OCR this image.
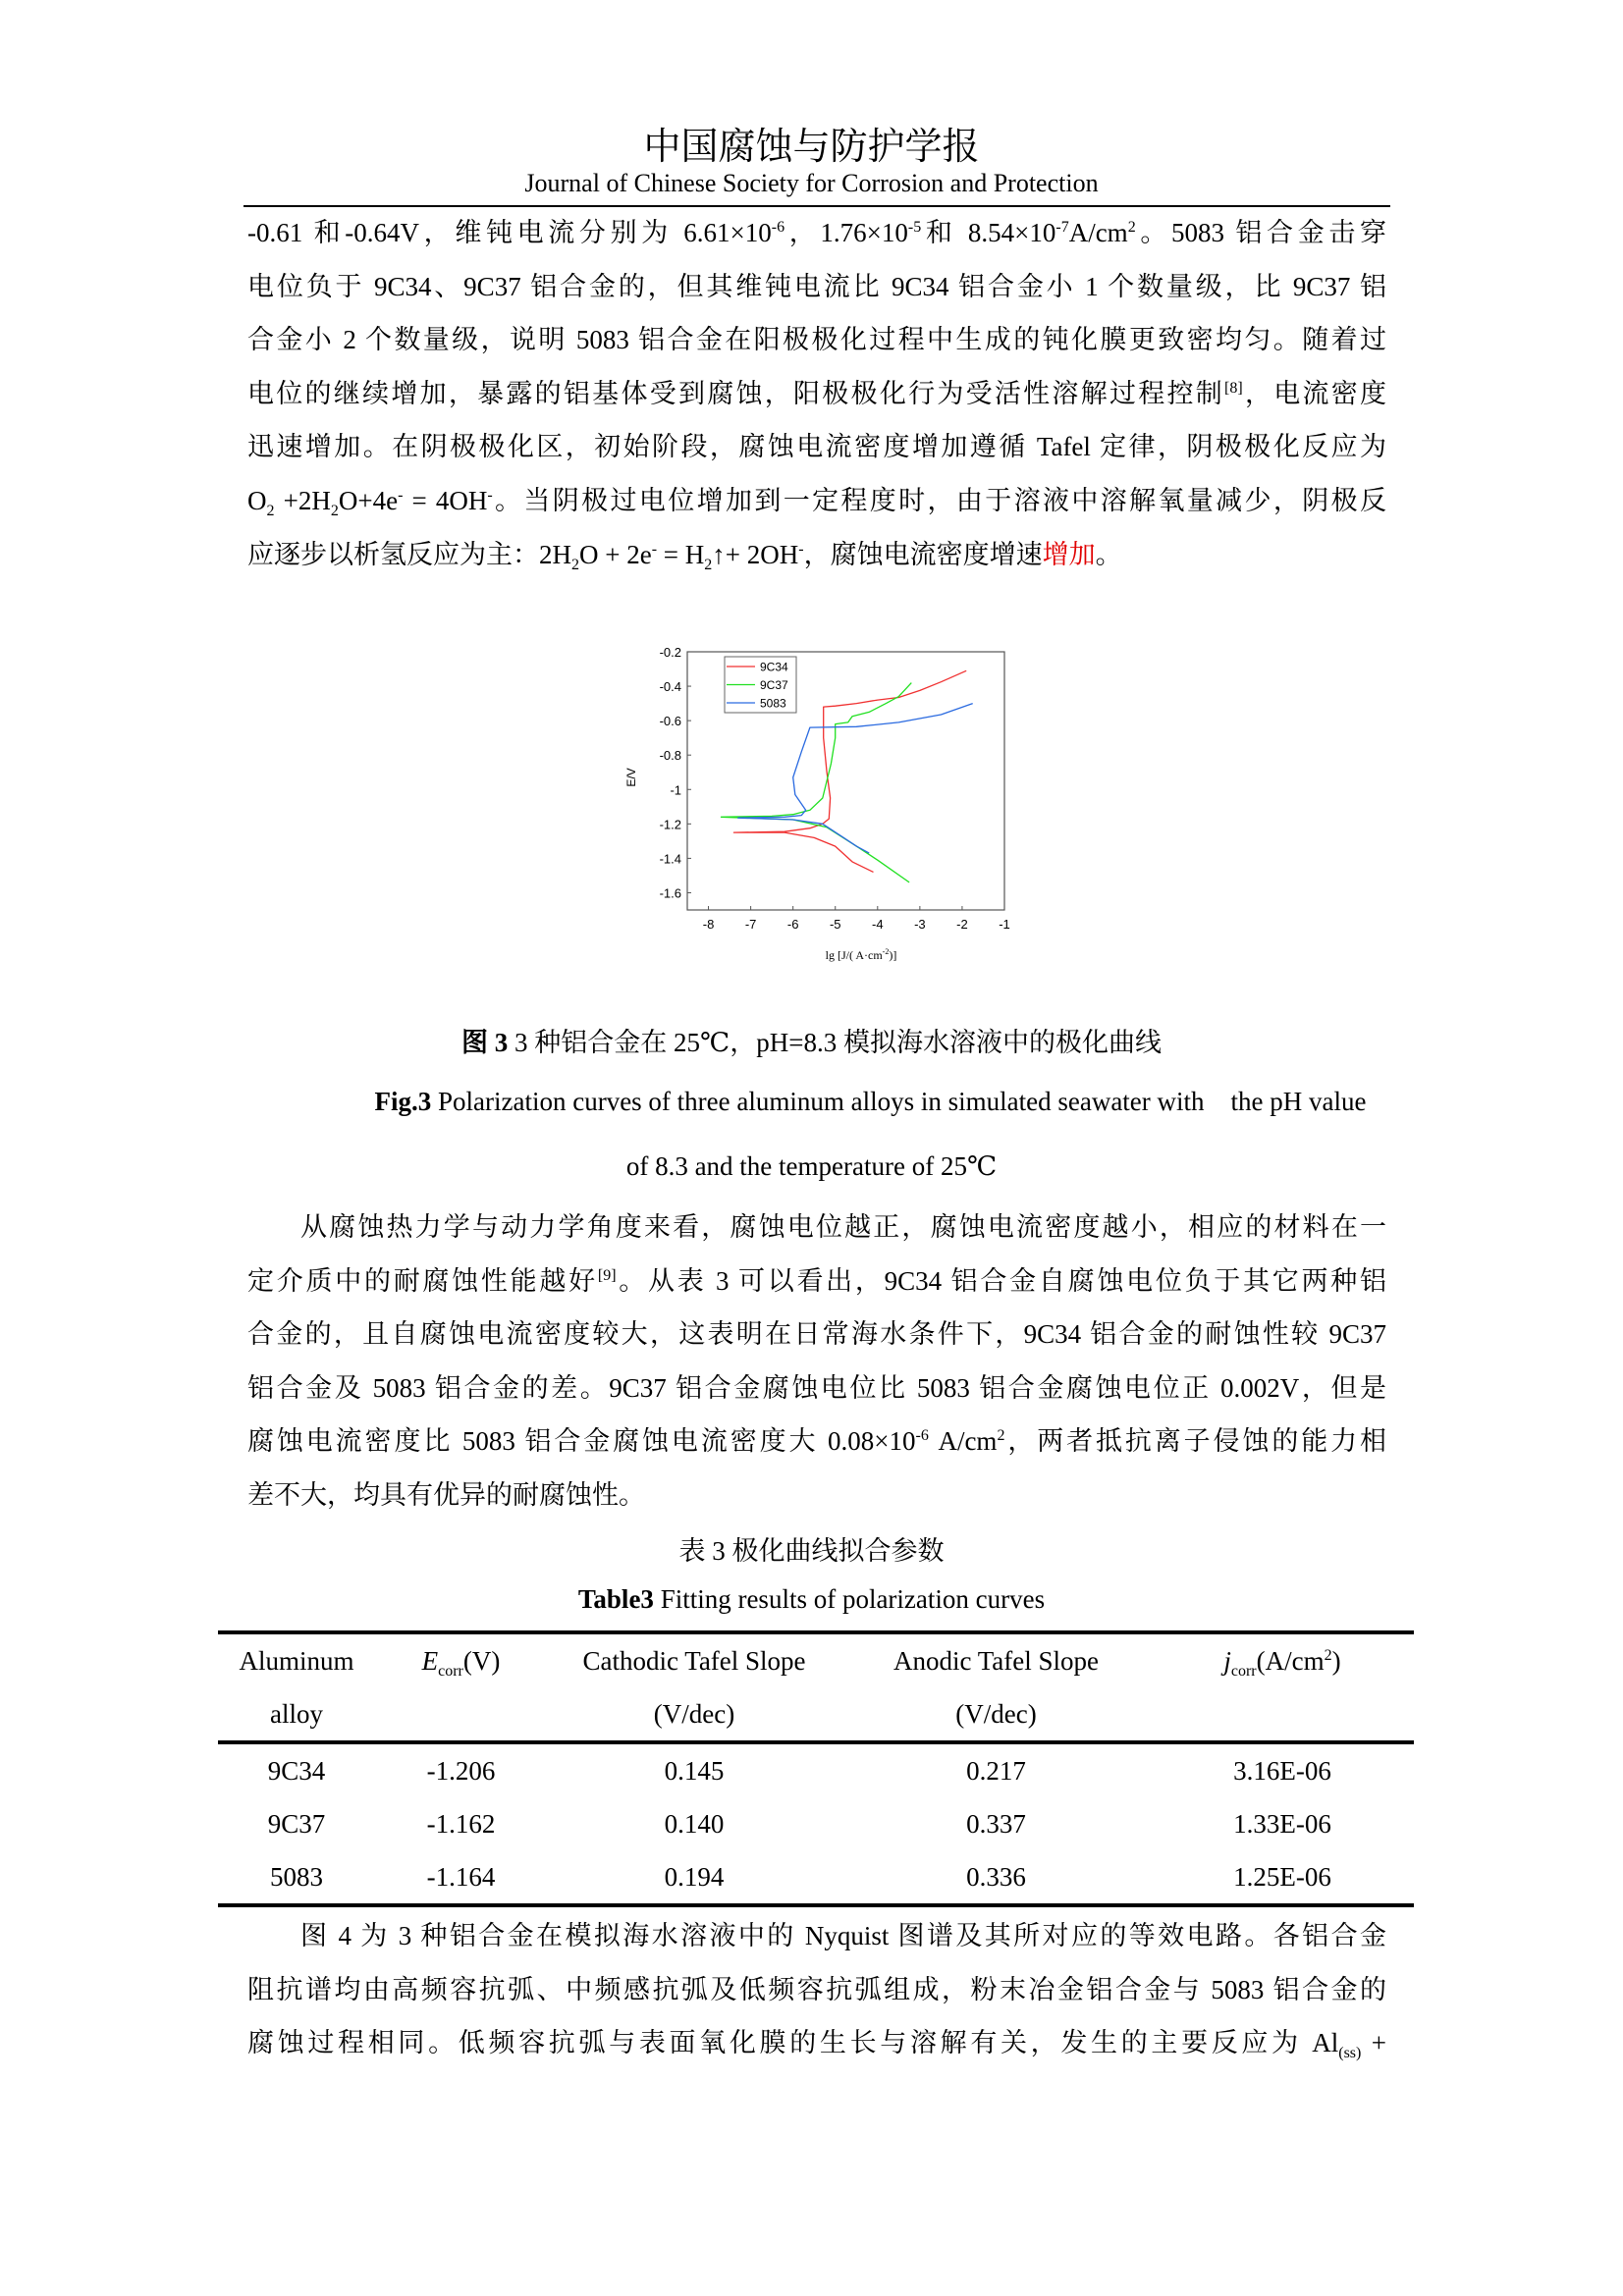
中国腐蚀与防护学报
Journal of Chinese Society for Corrosion and Protection
-0.61 和-0.64V，维钝电流分别为 $6.61\times 10^{-6}$，$1.76\times 10^{-5}$和 $8.54\times 10^{-7}A/cm^2$。5083 铝合金击穿
电位负于 9C34、9C37 铝合金的，但其维钝电流比 9C34 铝合金小 1 个数量级，比 9C37 铝
合金小 2 个数量级，说明 5083 铝合金在阳极极化过程中生成的钝化膜更致密均匀。随着过
电位的继续增加，暴露的铝基体受到腐蚀，阳极极化行为受活性溶解过程控制[8]，电流密度
迅速增加。在阴极极化区，初始阶段，腐蚀电流密度增加遵循 Tafel 定律，阴极极化反应为
$O_2 +2H_2O+4e^- = 4OH^-$。当阴极过电位增加到一定程度时，由于溶液中溶解氧量减少，阴极反
应逐步以析氢反应为主：$2H_2O + 2e^-$ = $H_2↑+ 2OH^-$，腐蚀电流密度增速增加。
-8 -7 -6 -5 -4 -3 -2 -1
-0.2
-0.4
-0.6
-0.8
-1
-1.2
-1.4
-1.6
9C34
9C37
5083
E/V
lg [J/( $A\cdot cm^{-2}$)]
图 3 3 种铝合金在 25℃，pH=8.3 模拟海水溶液中的极化曲线
Fig.3 Polarization curves of three aluminum alloys in simulated seawater with    the pH value
of 8.3 and the temperature of 25℃
从腐蚀热力学与动力学角度来看，腐蚀电位越正，腐蚀电流密度越小，相应的材料在一
定介质中的耐腐蚀性能越好[9]。从表 3 可以看出，9C34 铝合金自腐蚀电位负于其它两种铝
合金的，且自腐蚀电流密度较大，这表明在日常海水条件下，9C34 铝合金的耐蚀性较 9C37
铝合金及 5083 铝合金的差。9C37 铝合金腐蚀电位比 5083 铝合金腐蚀电位正 0.002V，但是
腐蚀电流密度比 5083 铝合金腐蚀电流密度大 $0.08\times 10^{-6}$ $A/cm^2$，两者抵抗离子侵蚀的能力相
差不大，均具有优异的耐腐蚀性。
表 3 极化曲线拟合参数
Table3 Fitting results of polarization curves
Aluminum	$E_{corr}(V)$	Cathodic Tafel Slope	Anodic Tafel Slope	$j_{corr}(A/cm^2)$
alloy		(V/dec)	(V/dec)	
9C34	-1.206	0.145	0.217	3.16E-06
9C37	-1.162	0.140	0.337	1.33E-06
5083	-1.164	0.194	0.336	1.25E-06
图 4 为 3 种铝合金在模拟海水溶液中的 Nyquist 图谱及其所对应的等效电路。各铝合金
阻抗谱均由高频容抗弧、中频感抗弧及低频容抗弧组成，粉末冶金铝合金与 5083 铝合金的
腐蚀过程相同。低频容抗弧与表面氧化膜的生长与溶解有关，发生的主要反应为 $Al_{(ss)}$ +
